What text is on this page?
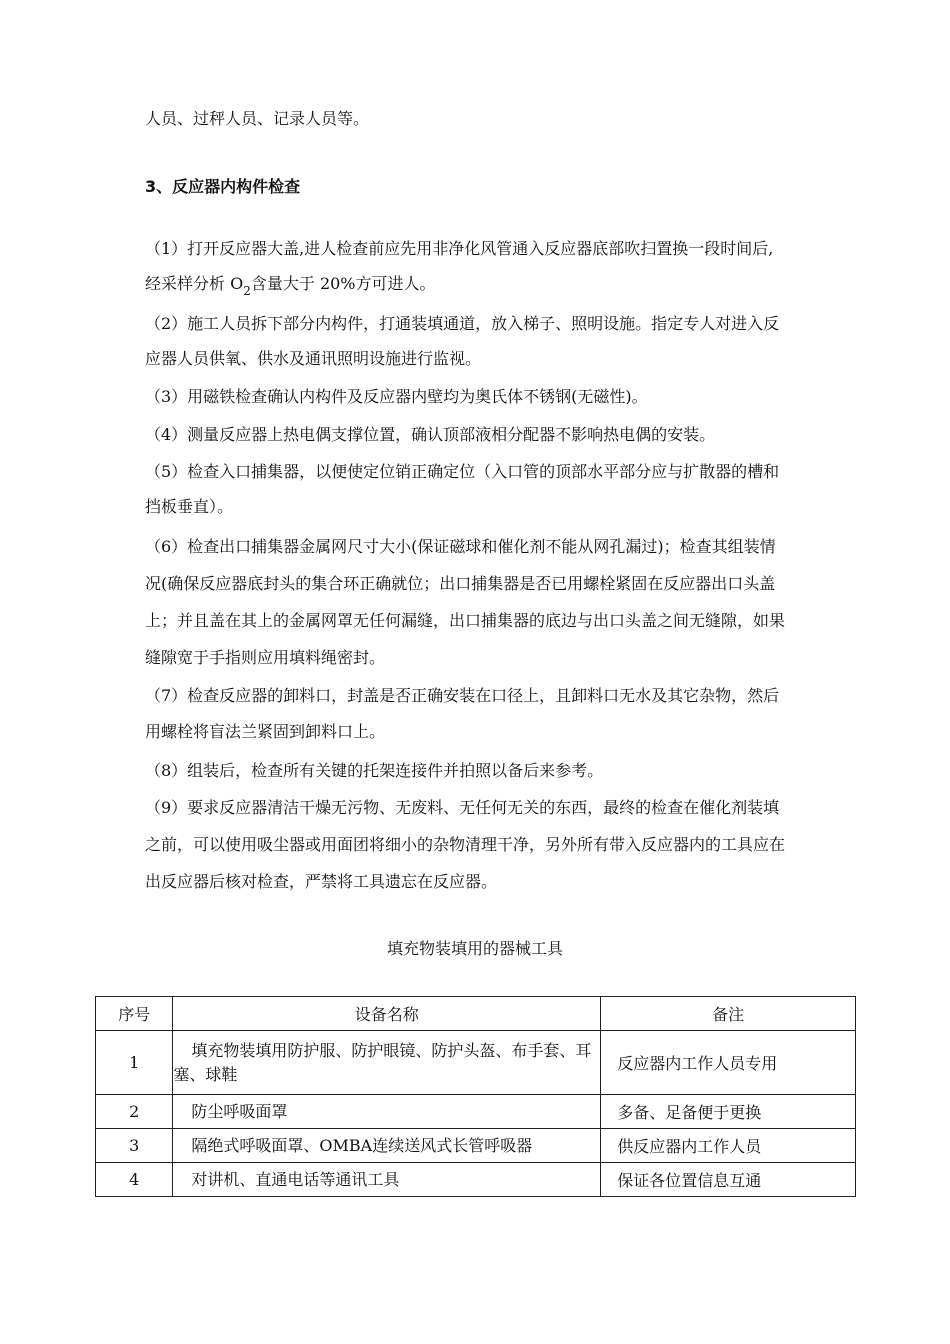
人员、过秤人员、记录人员等。
3、反应器内构件检查
（1）打开反应器大盖,进人检查前应先用非净化风管通入反应器底部吹扫置换一段时间后,
经采样分析 $O_2$含量大于 20%方可进人。
（2）施工人员拆下部分内构件，打通装填通道，放入梯子、照明设施。指定专人对进入反
应器人员供氧、供水及通讯照明设施进行监视。
（3）用磁铁检查确认内构件及反应器内壁均为奥氏体不锈钢(无磁性)。
（4）测量反应器上热电偶支撑位置，确认顶部液相分配器不影响热电偶的安装。
（5）检查入口捕集器，以便使定位销正确定位（入口管的顶部水平部分应与扩散器的槽和
挡板垂直）。
（6）检查出口捕集器金属网尺寸大小(保证磁球和催化剂不能从网孔漏过)；检查其组装情
况(确保反应器底封头的集合环正确就位；出口捕集器是否已用螺栓紧固在反应器出口头盖
上；并且盖在其上的金属网罩无任何漏缝，出口捕集器的底边与出口头盖之间无缝隙，如果
缝隙宽于手指则应用填料绳密封。
（7）检查反应器的卸料口，封盖是否正确安装在口径上，且卸料口无水及其它杂物，然后
用螺栓将盲法兰紧固到卸料口上。
（8）组装后，检查所有关键的托架连接件并拍照以备后来参考。
（9）要求反应器清洁干燥无污物、无废料、无任何无关的东西，最终的检查在催化剂装填
之前，可以使用吸尘器或用面团将细小的杂物清理干净，另外所有带入反应器内的工具应在
出反应器后核对检查，严禁将工具遗忘在反应器。
填充物装填用的器械工具
序号	设备名称	备注
1	填充物装填用防护服、防护眼镜、防护头盔、布手套、耳塞、球鞋	反应器内工作人员专用
2	防尘呼吸面罩	多备、足备便于更换
3	隔绝式呼吸面罩、OMBA连续送风式长管呼吸器	供反应器内工作人员
4	对讲机、直通电话等通讯工具	保证各位置信息互通
